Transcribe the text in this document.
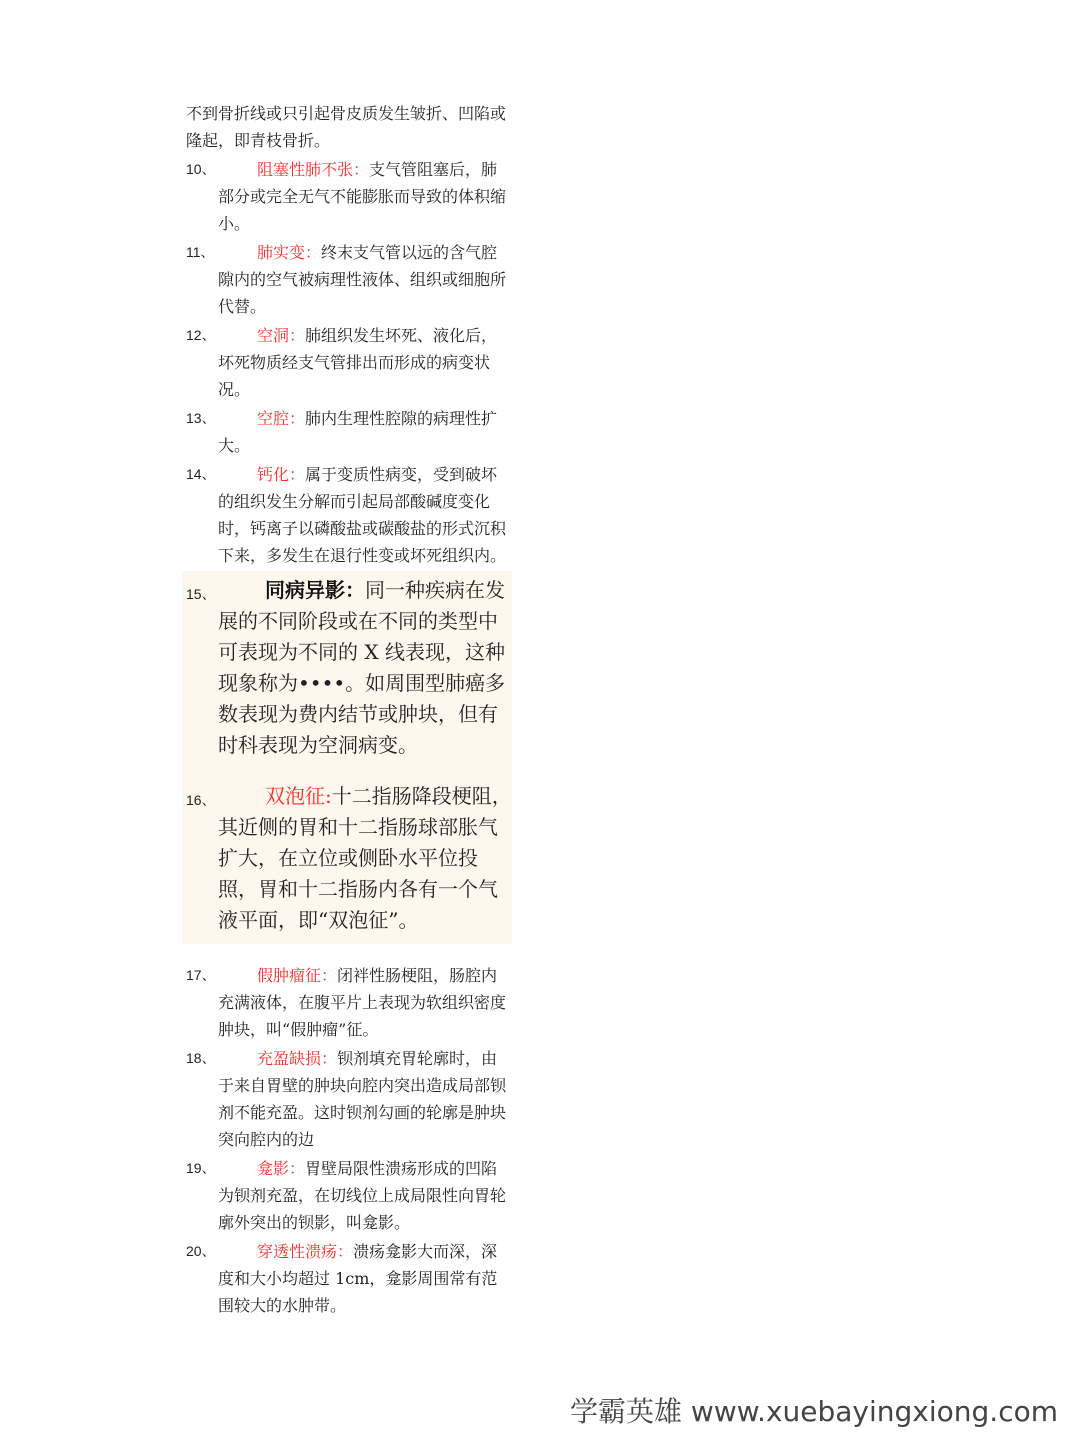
不到骨折线或只引起骨皮质发生皱折、凹陷或隆起，即青枝骨折。

10、	阻塞性肺不张：支气管阻塞后，肺部分或完全无气不能膨胀而导致的体积缩小。
11、	肺实变：终末支气管以远的含气腔隙内的空气被病理性液体、组织或细胞所代替。
12、	空洞：肺组织发生坏死、液化后，坏死物质经支气管排出而形成的病变状况。
13、	空腔：肺内生理性腔隙的病理性扩大。
14、	钙化：属于变质性病变，受到破坏的组织发生分解而引起局部酸碱度变化时，钙离子以磷酸盐或碳酸盐的形式沉积下来，多发生在退行性变或坏死组织内。
15、 同病异影：同一种疾病在发展的不同阶段或在不同的类型中可表现为不同的 X 线表现，这种现象称为••••。如周围型肺癌多数表现为费内结节或肿块，但有时科表现为空洞病变。
16、 双泡征:十二指肠降段梗阻，其近侧的胃和十二指肠球部胀气扩大，在立位或侧卧水平位投照，胃和十二指肠内各有一个气液平面，即“双泡征”。
17、	假肿瘤征：闭袢性肠梗阻，肠腔内充满液体，在腹平片上表现为软组织密度肿块，叫“假肿瘤”征。
18、	充盈缺损：钡剂填充胃轮廓时，由于来自胃壁的肿块向腔内突出造成局部钡剂不能充盈。这时钡剂勾画的轮廓是肿块突向腔内的边
19、	龛影：胃壁局限性溃疡形成的凹陷为钡剂充盈，在切线位上成局限性向胃轮廓外突出的钡影，叫龛影。
20、	穿透性溃疡：溃疡龛影大而深，深度和大小均超过 1cm，龛影周围常有范围较大的水肿带。
学霸英雄 www.xuebayingxiong.com
